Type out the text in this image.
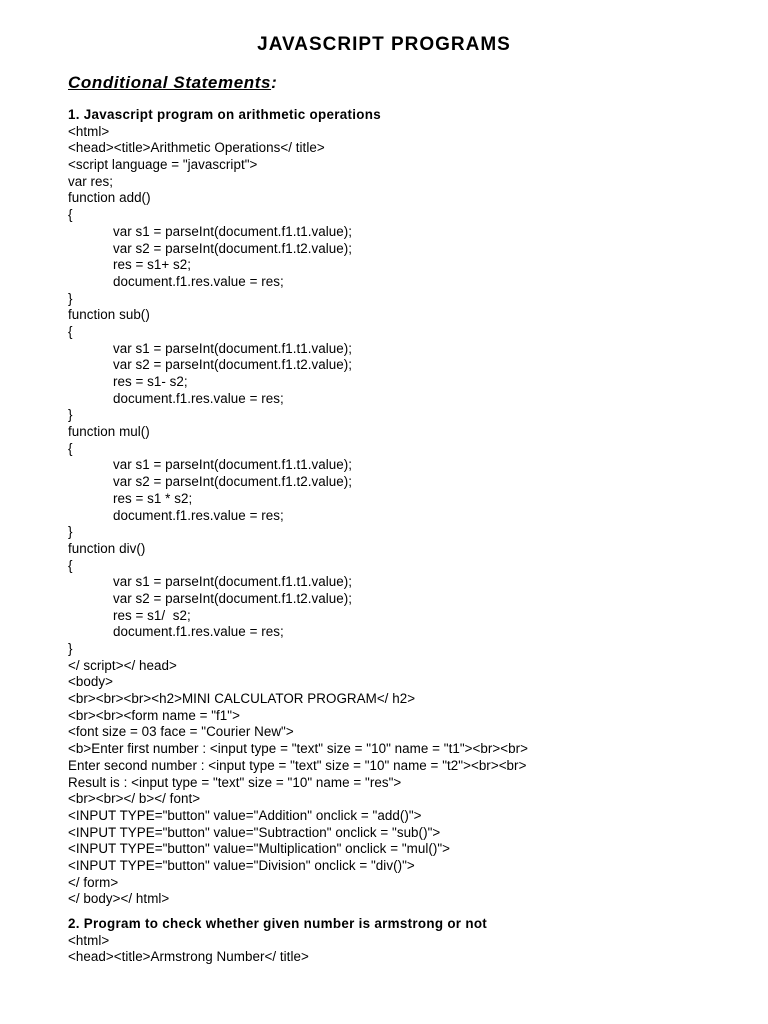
JAVASCRIPT PROGRAMS
Conditional Statements:
1. Javascript program on arithmetic operations
<html>
<head><title>Arithmetic Operations</ title>
<script language = "javascript">
var res;
function add()
{
var s1 = parseInt(document.f1.t1.value);
var s2 = parseInt(document.f1.t2.value);
res = s1+ s2;
document.f1.res.value = res;
}
function sub()
{
var s1 = parseInt(document.f1.t1.value);
var s2 = parseInt(document.f1.t2.value);
res = s1- s2;
document.f1.res.value = res;
}
function mul()
{
var s1 = parseInt(document.f1.t1.value);
var s2 = parseInt(document.f1.t2.value);
res = s1 * s2;
document.f1.res.value = res;
}
function div()
{
var s1 = parseInt(document.f1.t1.value);
var s2 = parseInt(document.f1.t2.value);
res = s1/  s2;
document.f1.res.value = res;
}
</ script></ head>
<body>
<br><br><br><h2>MINI CALCULATOR PROGRAM</ h2>
<br><br><form name = "f1">
<font size = 03 face = "Courier New">
<b>Enter first number : <input type = "text" size = "10" name = "t1"><br><br>
Enter second number : <input type = "text" size = "10" name = "t2"><br><br>
Result is : <input type = "text" size = "10" name = "res">
<br><br></ b></ font>
<INPUT TYPE="button" value="Addition" onclick = "add()">
<INPUT TYPE="button" value="Subtraction" onclick = "sub()">
<INPUT TYPE="button" value="Multiplication" onclick = "mul()">
<INPUT TYPE="button" value="Division" onclick = "div()">
</ form>
</ body></ html>
2. Program to check whether given number is armstrong or not
<html>
<head><title>Armstrong Number</ title>
